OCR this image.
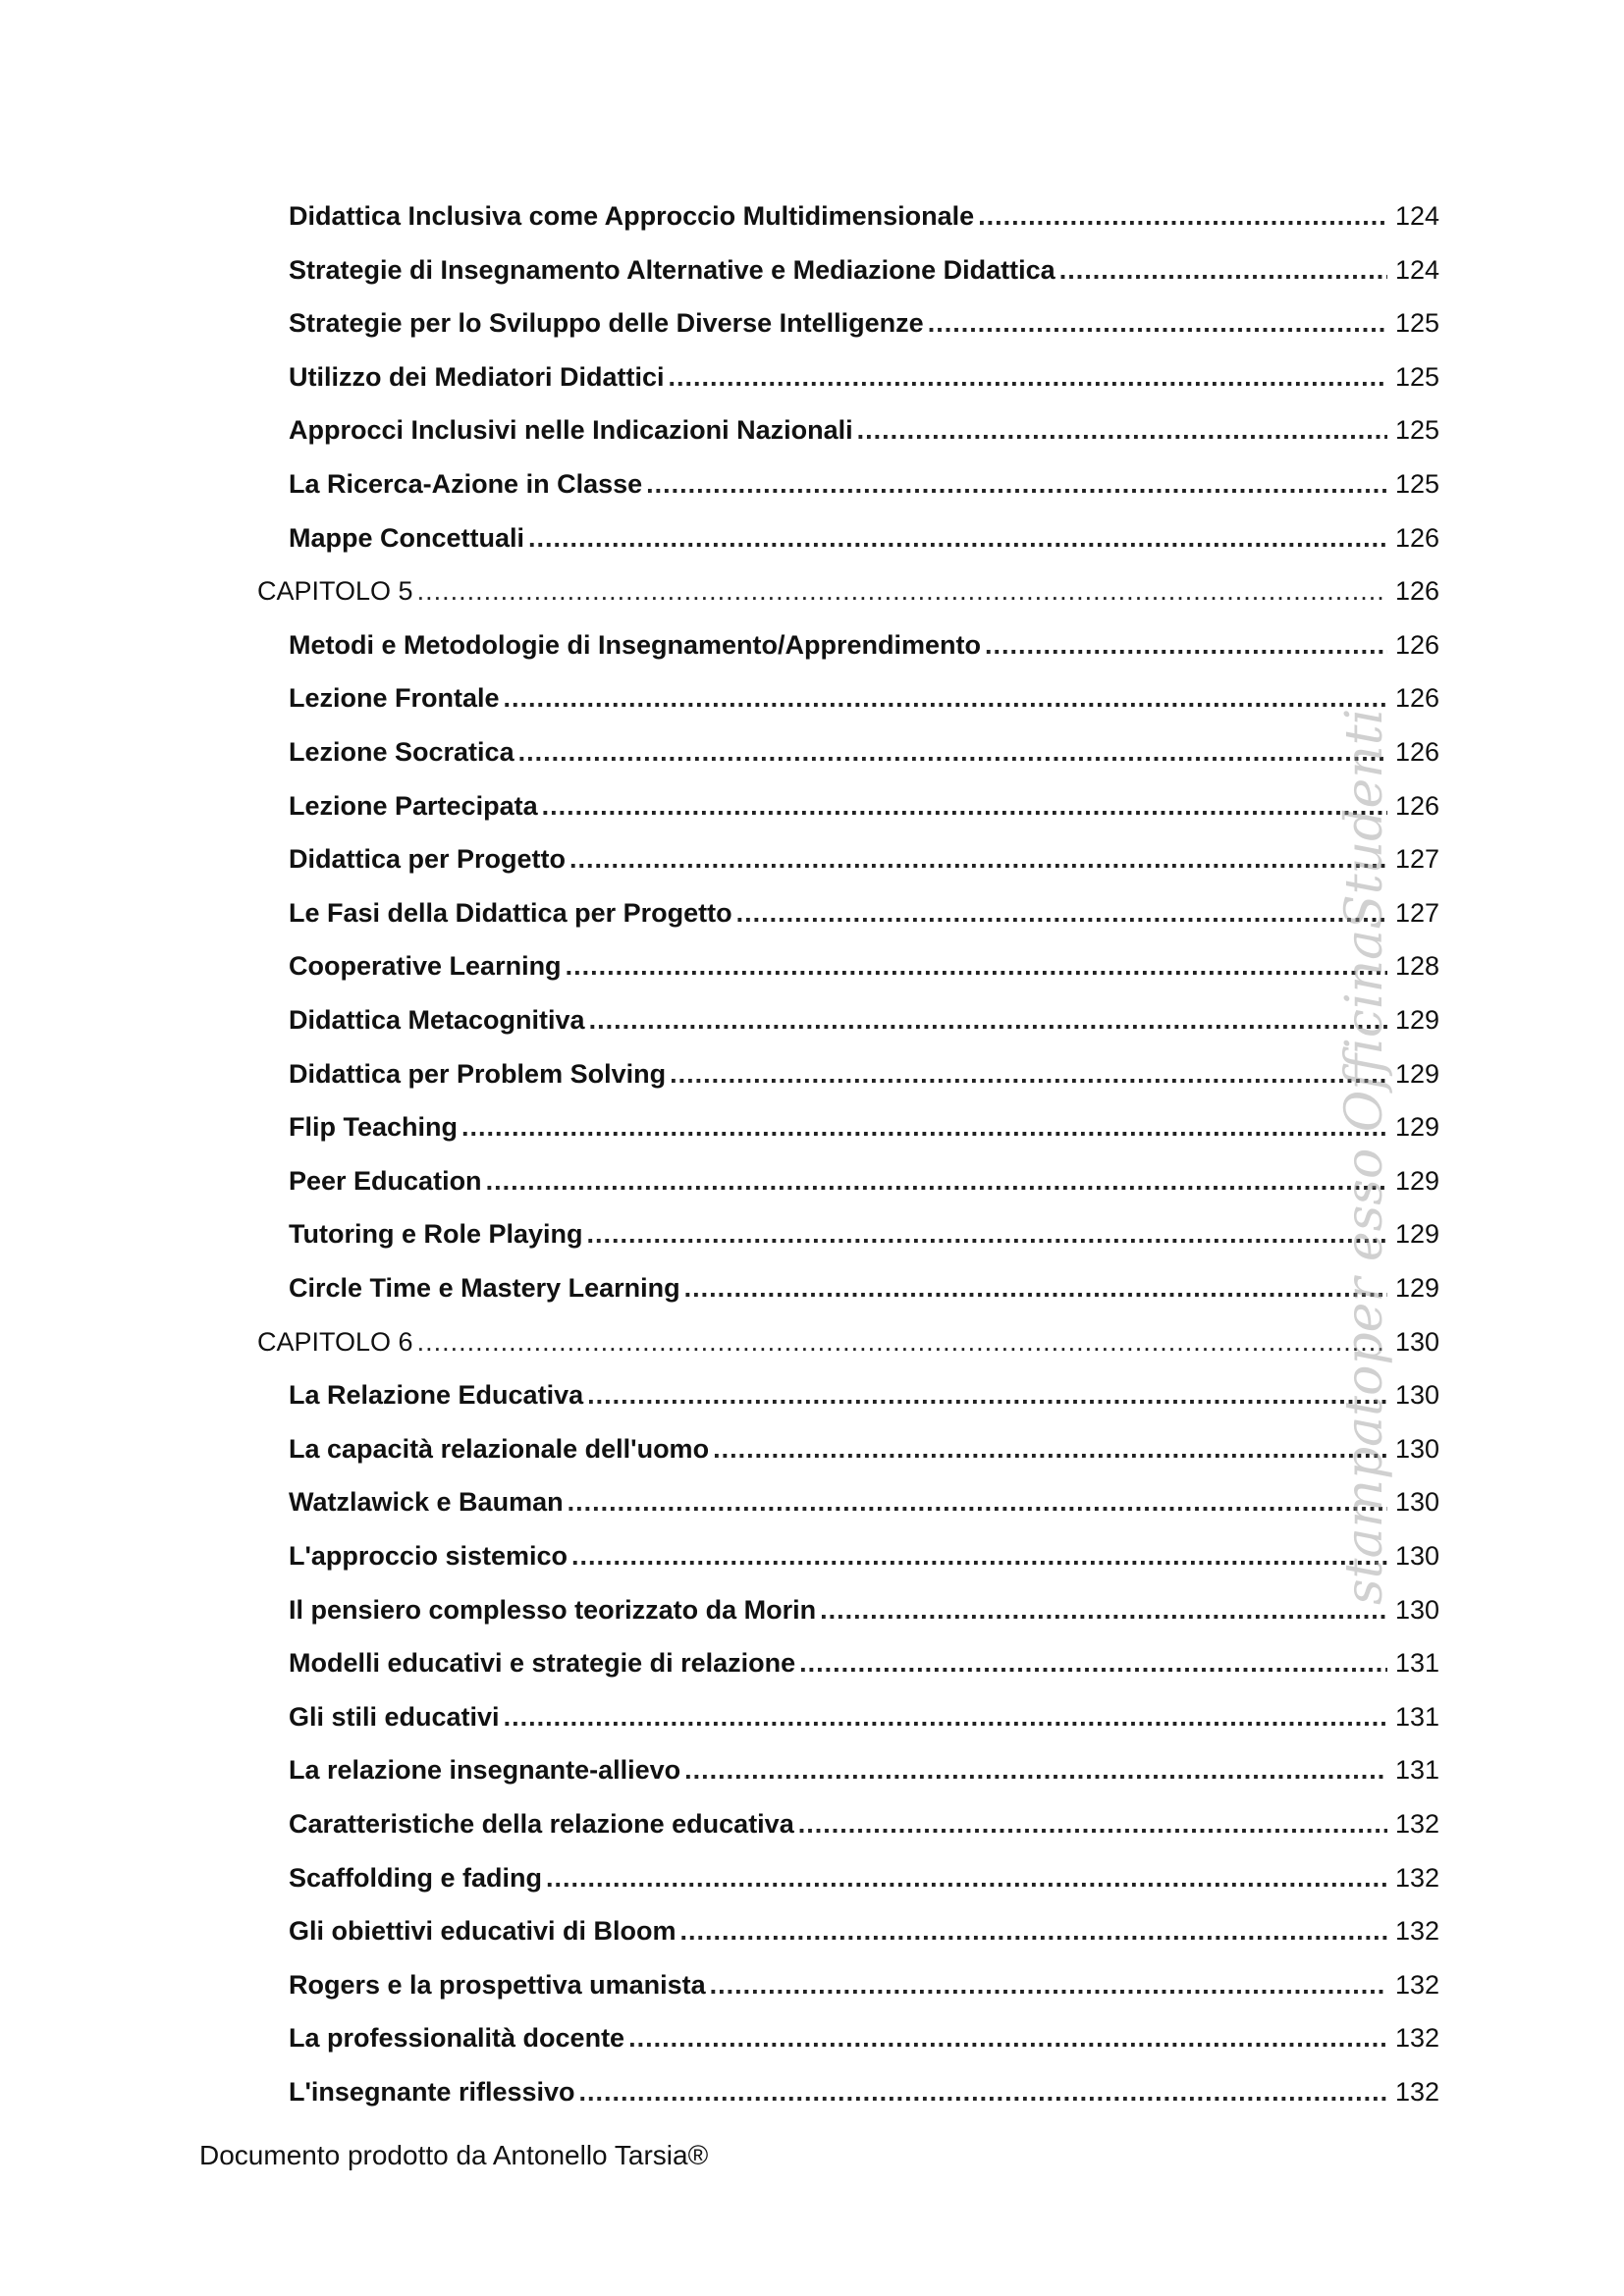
Didattica Inclusiva come Approccio Multidimensionale .....	124
Strategie di Insegnamento Alternative e Mediazione Didattica .....	124
Strategie per lo Sviluppo delle Diverse Intelligenze .....	125
Utilizzo dei Mediatori Didattici .....	125
Approcci Inclusivi nelle Indicazioni Nazionali .....	125
La Ricerca-Azione in Classe .....	125
Mappe Concettuali .....	126
CAPITOLO 5 .....	126
Metodi e Metodologie di Insegnamento/Apprendimento .....	126
Lezione Frontale .....	126
Lezione Socratica .....	126
Lezione Partecipata .....	126
Didattica per Progetto .....	127
Le Fasi della Didattica per Progetto .....	127
Cooperative Learning .....	128
Didattica Metacognitiva .....	129
Didattica per Problem Solving .....	129
Flip Teaching .....	129
Peer Education .....	129
Tutoring e Role Playing .....	129
Circle Time e Mastery Learning .....	129
CAPITOLO 6 .....	130
La Relazione Educativa .....	130
La capacità relazionale dell'uomo .....	130
Watzlawick e Bauman .....	130
L'approccio sistemico .....	130
Il pensiero complesso teorizzato da Morin .....	130
Modelli educativi e strategie di relazione .....	131
Gli stili educativi .....	131
La relazione insegnante-allievo .....	131
Caratteristiche della relazione educativa .....	132
Scaffolding e fading .....	132
Gli obiettivi educativi di Bloom .....	132
Rogers e la prospettiva umanista .....	132
La professionalità docente .....	132
L'insegnante riflessivo .....	132
Documento prodotto da Antonello Tarsia®
stampatoper esso OfficinaStudenti
